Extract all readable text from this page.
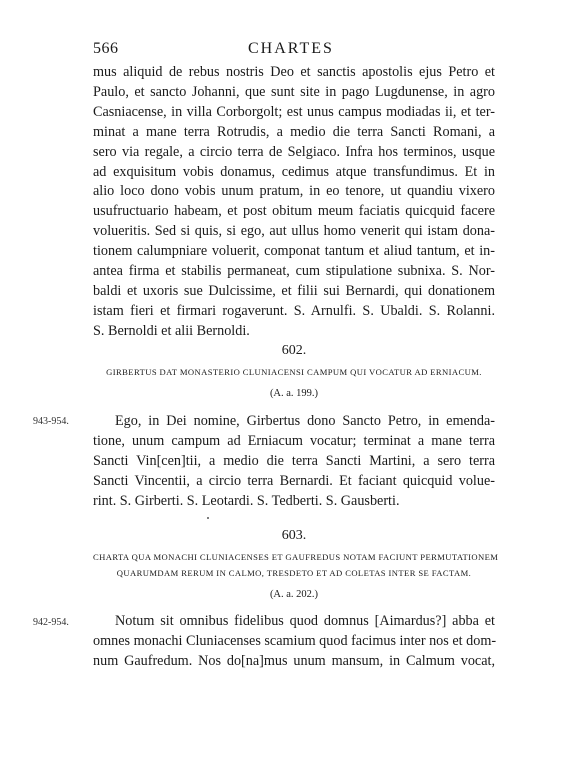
566	CHARTES
mus aliquid de rebus nostris Deo et sanctis apostolis ejus Petro et
Paulo, et sancto Johanni, que sunt site in pago Lugdunense, in agro
Casniacense, in villa Corborgolt; est unus campus modiadas ii, et ter-
minat a mane terra Rotrudis, a medio die terra Sancti Romani, a
sero via regale, a circio terra de Selgiaco. Infra hos terminos, usque
ad exquisitum vobis donamus, cedimus atque transfundimus. Et in
alio loco dono vobis unum pratum, in eo tenore, ut quandiu vixero
usufructuario habeam, et post obitum meum faciatis quicquid facere
volueritis. Sed si quis, si ego, aut ullus homo venerit qui istam dona-
tionem calumpniare voluerit, componat tantum et aliud tantum, et in-
antea firma et stabilis permaneat, cum stipulatione subnixa. S. Nor-
baldi et uxoris sue Dulcissime, et filii sui Bernardi, qui donationem
istam fieri et firmari rogaverunt. S. Arnulfi. S. Ubaldi. S. Rolanni.
S. Bernoldi et alii Bernoldi.
602.
GIRBERTUS DAT MONASTERIO CLUNIACENSI CAMPUM QUI VOCATUR AD ERNIACUM.
(A. a. 199.)
943-954.	Ego, in Dei nomine, Girbertus dono Sancto Petro, in emenda-
tione, unum campum ad Erniacum vocatur; terminat a mane terra
Sancti Vin[cen]tii, a medio die terra Sancti Martini, a sero terra
Sancti Vincentii, a circio terra Bernardi. Et faciant quicquid volue-
rint. S. Girberti. S. Leotardi. S. Tedberti. S. Gausberti.
603.
CHARTA QUA MONACHI CLUNIACENSES ET GAUFREDUS NOTAM FACIUNT PERMUTATIONEM
QUARUMDAM RERUM IN CALMO, TRESDETO ET AD COLETAS INTER SE FACTAM.
(A. a. 202.)
942-954.	Notum sit omnibus fidelibus quod domnus [Aimardus?] abba et
omnes monachi Cluniacenses scamium quod facimus inter nos et dom-
num Gaufredum. Nos do[na]mus unum mansum, in Calmum vocat,
